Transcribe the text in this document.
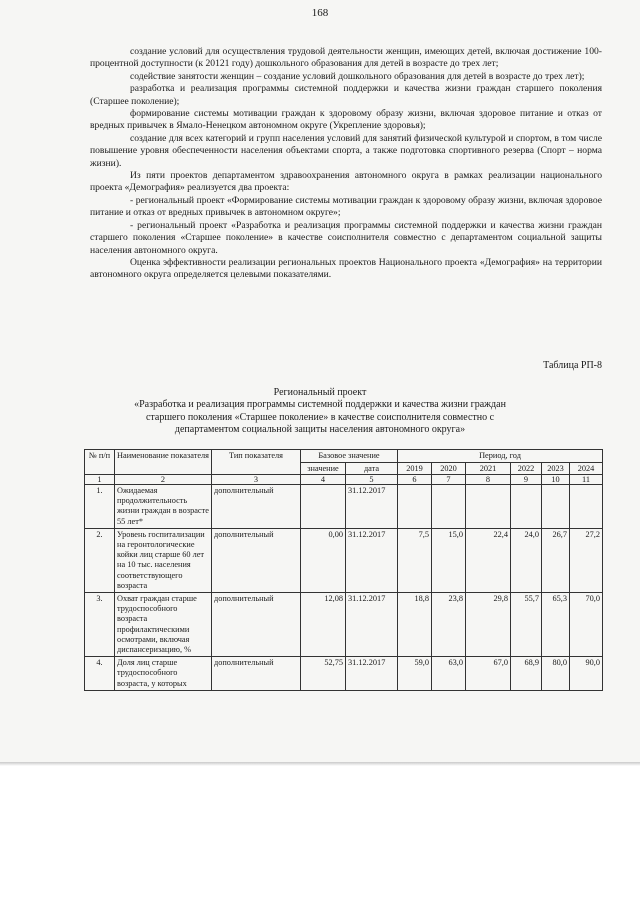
168

создание условий для осуществления трудовой деятельности женщин, имеющих детей, включая достижение 100-процентной доступности (к 20121 году) дошкольного образования для детей в возрасте до трех лет;

содействие занятости женщин – создание условий дошкольного образования для детей в возрасте до трех лет);

разработка и реализация программы системной поддержки и качества жизни граждан старшего поколения (Старшее поколение);

формирование системы мотивации граждан к здоровому образу жизни, включая здоровое питание и отказ от вредных привычек в Ямало-Ненецком автономном округе (Укрепление здоровья);

создание для всех категорий и групп населения условий для занятий физической культурой и спортом, в том числе повышение уровня обеспеченности населения объектами спорта, а также подготовка спортивного резерва (Спорт – норма жизни).

Из пяти проектов департаментом здравоохранения автономного округа в рамках реализации национального проекта «Демография» реализуется два проекта:

- региональный проект «Формирование системы мотивации граждан к здоровому образу жизни, включая здоровое питание и отказ от вредных привычек в автономном округе»;

- региональный проект «Разработка и реализация программы системной поддержки и качества жизни граждан старшего поколения «Старшее поколение» в качестве соисполнителя совместно с департаментом социальной защиты населения автономного округа.

Оценка эффективности реализации региональных проектов Национального проекта «Демография» на территории автономного округа определяется целевыми показателями.

Таблица РП-8
Региональный проект
«Разработка и реализация программы системной поддержки и качества жизни граждан
старшего поколения «Старшее поколение» в качестве соисполнителя совместно с
департаментом социальной защиты населения автономного округа»
№ п/п	Наименование показателя	Тип показателя	Базовое значение		Период, год					
			значение	дата	2019	2020	2021	2022	2023	2024
1	2	3	4	5	6	7	8	9	10	11
1.	Ожидаемая продолжительность жизни граждан в возрасте 55 лет*	дополнительный		31.12.2017						
2.	Уровень госпитализации на геронтологические койки лиц старше 60 лет на 10 тыс. населения соответствующего возраста	дополнительный	0,00	31.12.2017	7,5	15,0	22,4	24,0	26,7	27,2
3.	Охват граждан старше трудоспособного возраста профилактическими осмотрами, включая диспансеризацию, %	дополнительный	12,08	31.12.2017	18,8	23,8	29,8	55,7	65,3	70,0
4.	Доля лиц старше трудоспособного возраста, у которых	дополнительный	52,75	31.12.2017	59,0	63,0	67,0	68,9	80,0	90,0
